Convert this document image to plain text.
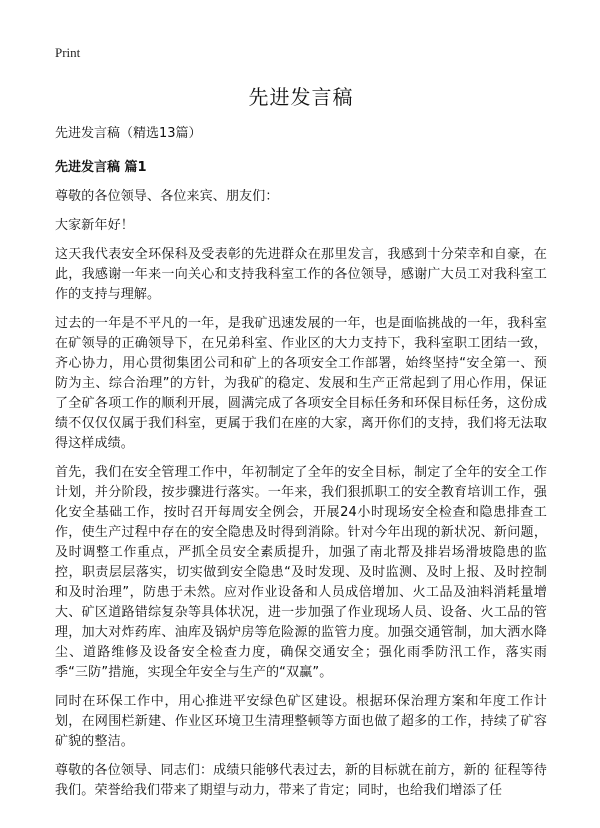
Print
先进发言稿
先进发言稿（精选13篇）
先进发言稿 篇1

尊敬的各位领导、各位来宾、朋友们：

大家新年好！

这天我代表安全环保科及受表彰的先进群众在那里发言，我感到十分荣幸和自豪，在此，我感谢一年来一向关心和支持我科室工作的各位领导，感谢广大员工对我科室工作的支持与理解。

过去的一年是不平凡的一年，是我矿迅速发展的一年，也是面临挑战的一年，我科室在矿领导的正确领导下，在兄弟科室、作业区的大力支持下，我科室职工团结一致，齐心协力，用心贯彻集团公司和矿上的各项安全工作部署，始终坚持“安全第一、预防为主、综合治理”的方针，为我矿的稳定、发展和生产正常起到了用心作用，保证了全矿各项工作的顺利开展，圆满完成了各项安全目标任务和环保目标任务，这份成绩不仅仅仅属于我们科室，更属于我们在座的大家，离开你们的支持，我们将无法取得这样成绩。

首先，我们在安全管理工作中，年初制定了全年的安全目标，制定了全年的安全工作计划，并分阶段，按步骤进行落实。一年来，我们狠抓职工的安全教育培训工作，强化安全基础工作，按时召开每周安全例会，开展24小时现场安全检查和隐患排查工作，使生产过程中存在的安全隐患及时得到消除。针对今年出现的新状况、新问题，及时调整工作重点，严抓全员安全素质提升，加强了南北帮及排岩场滑坡隐患的监控，职责层层落实，切实做到安全隐患“及时发现、及时监测、及时上报、及时控制和及时治理”，防患于未然。应对作业设备和人员成倍增加、火工品及油料消耗量增大、矿区道路错综复杂等具体状况，进一步加强了作业现场人员、设备、火工品的管理，加大对炸药库、油库及锅炉房等危险源的监管力度。加强交通管制，加大洒水降尘、道路维修及设备安全检查力度，确保交通安全；强化雨季防汛工作，落实雨季“三防”措施，实现全年安全与生产的“双赢”。

同时在环保工作中，用心推进平安绿色矿区建设。根据环保治理方案和年度工作计划，在网围栏新建、作业区环境卫生清理整顿等方面也做了超多的工作，持续了矿容矿貌的整洁。

尊敬的各位领导、同志们：成绩只能够代表过去，新的目标就在前方，新的 征程等待我们。荣誉给我们带来了期望与动力，带来了肯定；同时，也给我们增添了任
